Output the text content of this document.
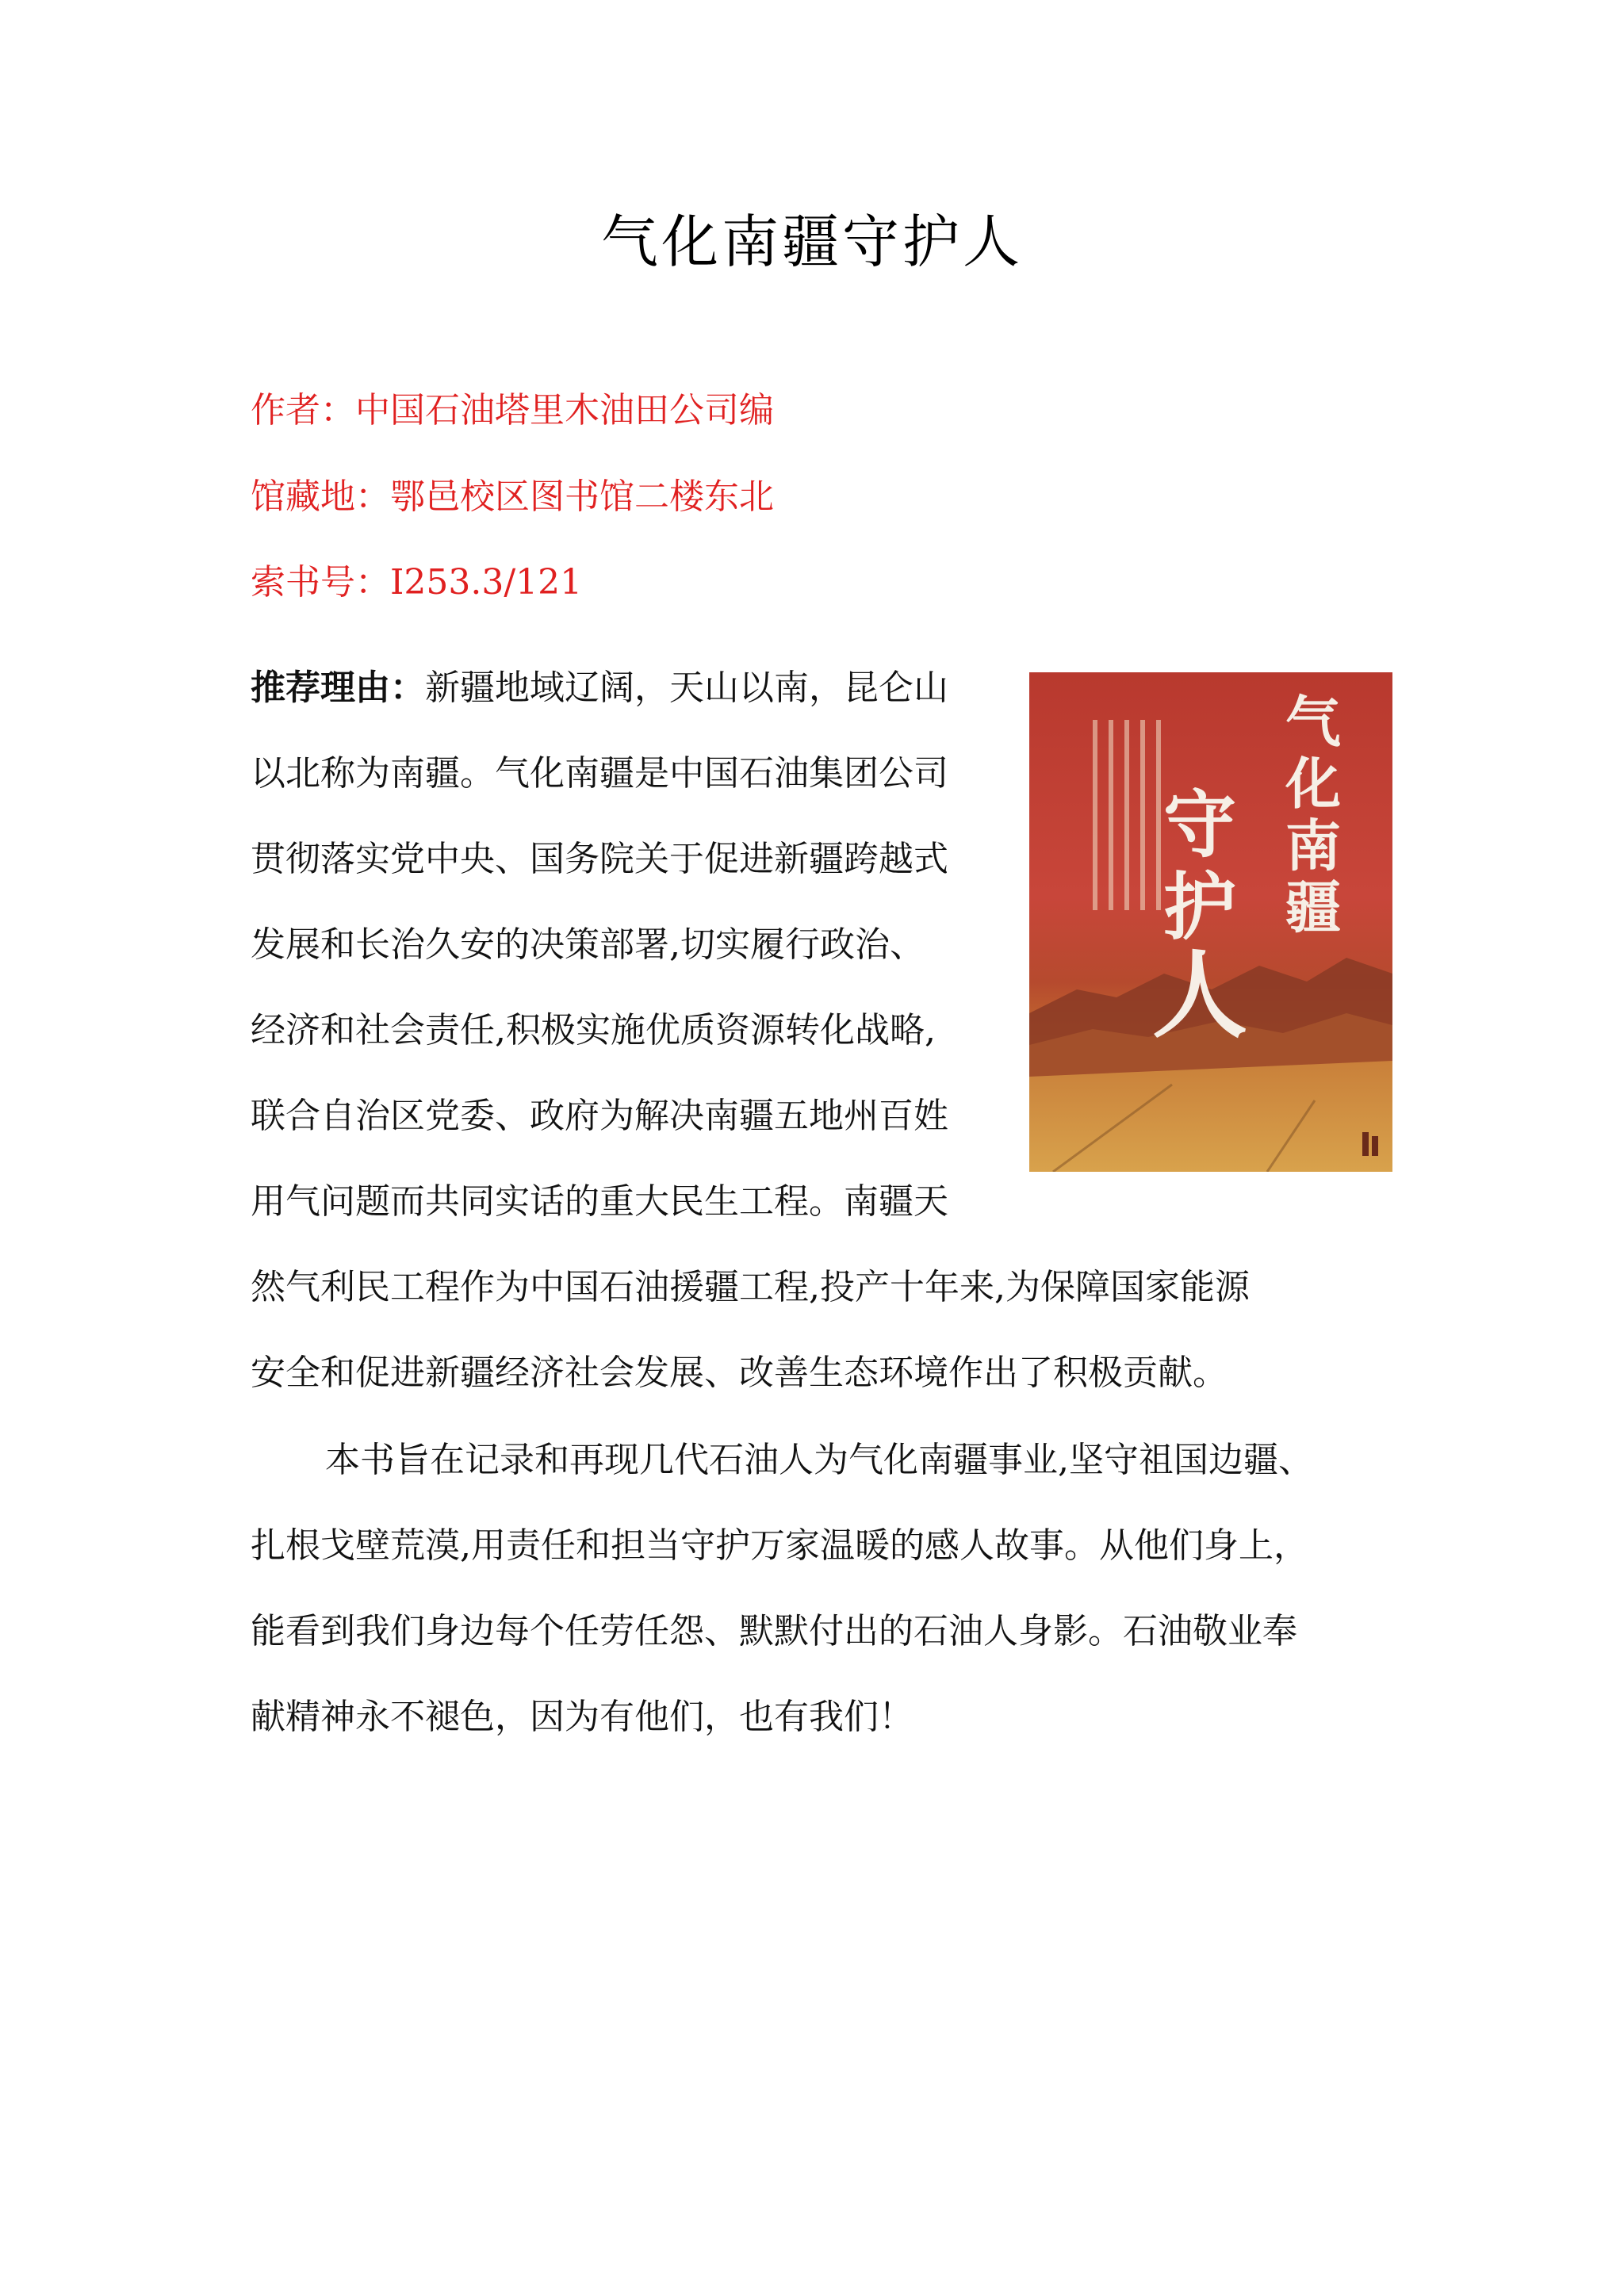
气化南疆守护人
作者：中国石油塔里木油田公司编
馆藏地：鄂邑校区图书馆二楼东北
索书号：I253.3/121
推荐理由：新疆地域辽阔，天山以南，昆仑山
以北称为南疆。气化南疆是中国石油集团公司
贯彻落实党中央、国务院关于促进新疆跨越式
发展和长治久安的决策部署,切实履行政治、
经济和社会责任,积极实施优质资源转化战略,
联合自治区党委、政府为解决南疆五地州百姓
用气问题而共同实话的重大民生工程。南疆天
然气利民工程作为中国石油援疆工程,投产十年来,为保障国家能源
安全和促进新疆经济社会发展、改善生态环境作出了积极贡献。
本书旨在记录和再现几代石油人为气化南疆事业,坚守祖国边疆、
扎根戈壁荒漠,用责任和担当守护万家温暖的感人故事。从他们身上，
能看到我们身边每个任劳任怨、默默付出的石油人身影。石油敬业奉
献精神永不褪色，因为有他们，也有我们！
气
化
南
疆
守
护
人
